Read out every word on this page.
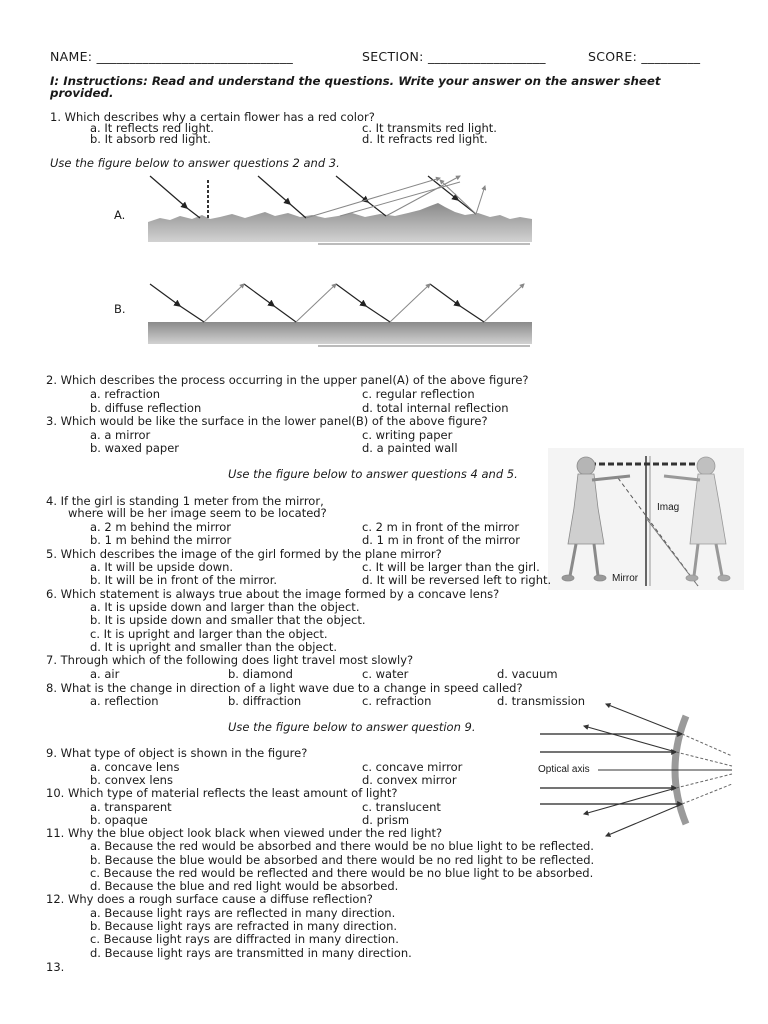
NAME: ______________________________	SECTION: __________________	SCORE: _________
I: Instructions: Read and understand the questions. Write your answer on the answer sheet
provided.
1. Which describes why a certain flower has a red color?
a. It reflects red light.	c. It transmits red light.
b. It absorb red light.	d. It refracts red light.
Use the figure below to answer questions 2 and 3.
A.
B.
2. Which describes the process occurring in the upper panel(A) of the above figure?
a. refraction	c. regular reflection
b. diffuse reflection	d. total internal reflection
3. Which would be like the surface in the lower panel(B) of the above figure?
a. a mirror	c. writing paper
b. waxed paper	d. a painted wall
Use the figure below to answer questions 4 and 5.
Imag
Mirror
4. If the girl is standing 1 meter from the mirror,
where will be her image seem to be located?
a. 2 m behind the mirror	c. 2 m in front of the mirror
b. 1 m behind the mirror	d. 1 m in front of the mirror
5. Which describes the image of the girl formed by the plane mirror?
a. It will be upside down.	c. It will be larger than the girl.
b. It will be in front of the mirror.	d. It will be reversed left to right.
6. Which statement is always true about the image formed by a concave lens?
a. It is upside down and larger than the object.
b. It is upside down and smaller that the object.
c. It is upright and larger than the object.
d. It is upright and smaller than the object.
7. Through which of the following does light travel most slowly?
a. air	b. diamond	c. water	d. vacuum
8. What is the change in direction of a light wave due to a change in speed called?
a. reflection	b. diffraction	c. refraction	d. transmission
Use the figure below to answer question 9.
Optical axis
9. What type of object is shown in the figure?
a. concave lens	c. concave mirror
b. convex lens	d. convex mirror
10. Which type of material reflects the least amount of light?
a. transparent	c. translucent
b. opaque	d. prism
11. Why the blue object look black when viewed under the red light?
a. Because the red would be absorbed and there would be no blue light to be reflected.
b. Because the blue would be absorbed and there would be no red light to be reflected.
c. Because the red would be reflected and there would be no blue light to be absorbed.
d. Because the blue and red light would be absorbed.
12. Why does a rough surface cause a diffuse reflection?
a. Because light rays are reflected in many direction.
b. Because light rays are refracted in many direction.
c. Because light rays are diffracted in many direction.
d. Because light rays are transmitted in many direction.
13.
